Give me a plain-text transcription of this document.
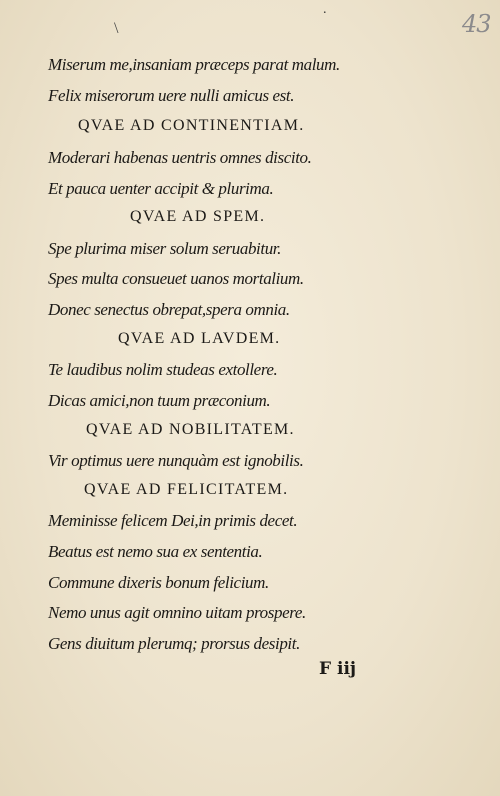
.
\	43
Miserum me,insaniam præceps parat malum.
Felix miserorum uere nulli amicus est.
QVAE AD CONTINENTIAM.
Moderari habenas uentris omnes discito.
Et pauca uenter accipit & plurima.
QVAE AD SPEM.
Spe plurima miser solum seruabitur.
Spes multa consueuet uanos mortalium.
Donec senectus obrepat,spera omnia.
QVAE AD LAVDEM.
Te laudibus nolim studeas extollere.
Dicas amici,non tuum præconium.
QVAE AD NOBILITATEM.
Vir optimus uere nunquàm est ignobilis.
QVAE AD FELICITATEM.
Meminisse felicem Dei,in primis decet.
Beatus est nemo sua ex sententia.
Commune dixeris bonum felicium.
Nemo unus agit omnino uitam prospere.
Gens diuitum plerumq; prorsus desipit.
F iij
